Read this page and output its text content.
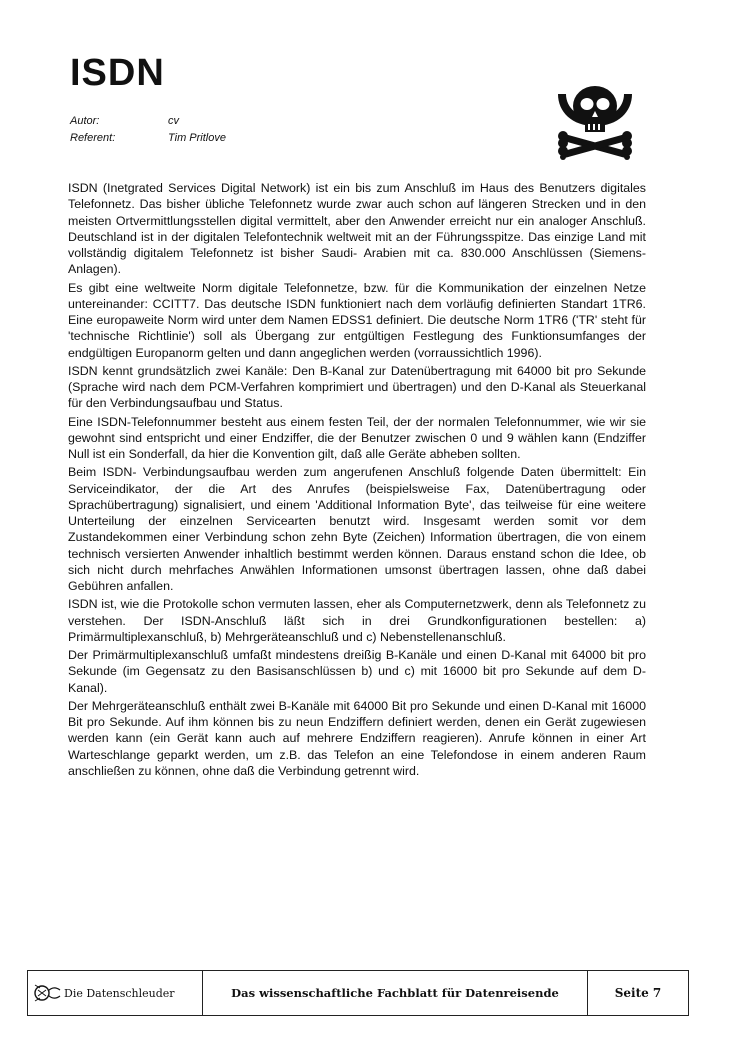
ISDN
Autor:	cv
Referent:	Tim Pritlove

ISDN (Inetgrated Services Digital Network) ist ein bis zum Anschluß im Haus des Benutzers digitales Telefonnetz. Das bisher übliche Telefonnetz wurde zwar auch schon auf längeren Strecken und in den meisten Ortvermittlungsstellen digital vermittelt, aber den Anwender erreicht nur ein analoger Anschluß. Deutschland ist in der digitalen Telefontechnik weltweit mit an der Führungsspitze. Das einzige Land mit vollständig digitalem Telefonnetz ist bisher Saudi- Arabien mit ca. 830.000 Anschlüssen (Siemens- Anlagen).

Es gibt eine weltweite Norm digitale Telefonnetze, bzw. für die Kommunikation der einzelnen Netze untereinander: CCITT7. Das deutsche ISDN funktioniert nach dem vorläufig definierten Standart 1TR6. Eine europaweite Norm wird unter dem Namen EDSS1 definiert. Die deutsche Norm 1TR6 ('TR' steht für 'technische Richtlinie') soll als Übergang zur entgültigen Festlegung des Funktionsumfanges der endgültigen Europanorm gelten und dann angeglichen werden (vorraussichtlich 1996).

ISDN kennt grundsätzlich zwei Kanäle: Den B-Kanal zur Datenübertragung mit 64000 bit pro Sekunde (Sprache wird nach dem PCM-Verfahren komprimiert und übertragen) und den D-Kanal als Steuerkanal für den Verbindungsaufbau und Status.

Eine ISDN-Telefonnummer besteht aus einem festen Teil, der der normalen Telefonnummer, wie wir sie gewohnt sind entspricht und einer Endziffer, die der Benutzer zwischen 0 und 9 wählen kann (Endziffer Null ist ein Sonderfall, da hier die Konvention gilt, daß alle Geräte abheben sollten.

Beim ISDN- Verbindungsaufbau werden zum angerufenen Anschluß folgende Daten übermittelt: Ein Serviceindikator, der die Art des Anrufes (beispielsweise Fax, Datenübertragung oder Sprachübertragung) signalisiert, und einem 'Additional Information Byte', das teilweise für eine weitere Unterteilung der einzelnen Servicearten benutzt wird. Insgesamt werden somit vor dem Zustandekommen einer Verbindung schon zehn Byte (Zeichen) Information übertragen, die von einem technisch versierten Anwender inhaltlich bestimmt werden können. Daraus enstand schon die Idee, ob sich nicht durch mehrfaches Anwählen Informationen umsonst übertragen lassen, ohne daß dabei Gebühren anfallen.

ISDN ist, wie die Protokolle schon vermuten lassen, eher als Computernetzwerk, denn als Telefonnetz zu verstehen. Der ISDN-Anschluß läßt sich in drei Grundkonfigurationen bestellen: a) Primärmultiplexanschluß, b) Mehrgeräteanschluß und c) Nebenstellenanschluß.

Der Primärmultiplexanschluß umfaßt mindestens dreißig B-Kanäle und einen D-Kanal mit 64000 bit pro Sekunde (im Gegensatz zu den Basisanschlüssen b) und c) mit 16000 bit pro Sekunde auf dem D-Kanal).

Der Mehrgeräteanschluß enthält zwei B-Kanäle mit 64000 Bit pro Sekunde und einen D-Kanal mit 16000 Bit pro Sekunde. Auf ihm können bis zu neun Endziffern definiert werden, denen ein Gerät zugewiesen werden kann (ein Gerät kann auch auf mehrere Endziffern reagieren). Anrufe können in einer Art Warteschlange geparkt werden, um z.B. das Telefon an eine Telefondose in einem anderen Raum anschließen zu können, ohne daß die Verbindung getrennt wird.

Die Datenschleuder	Das wissenschaftliche Fachblatt für Datenreisende	Seite 7
